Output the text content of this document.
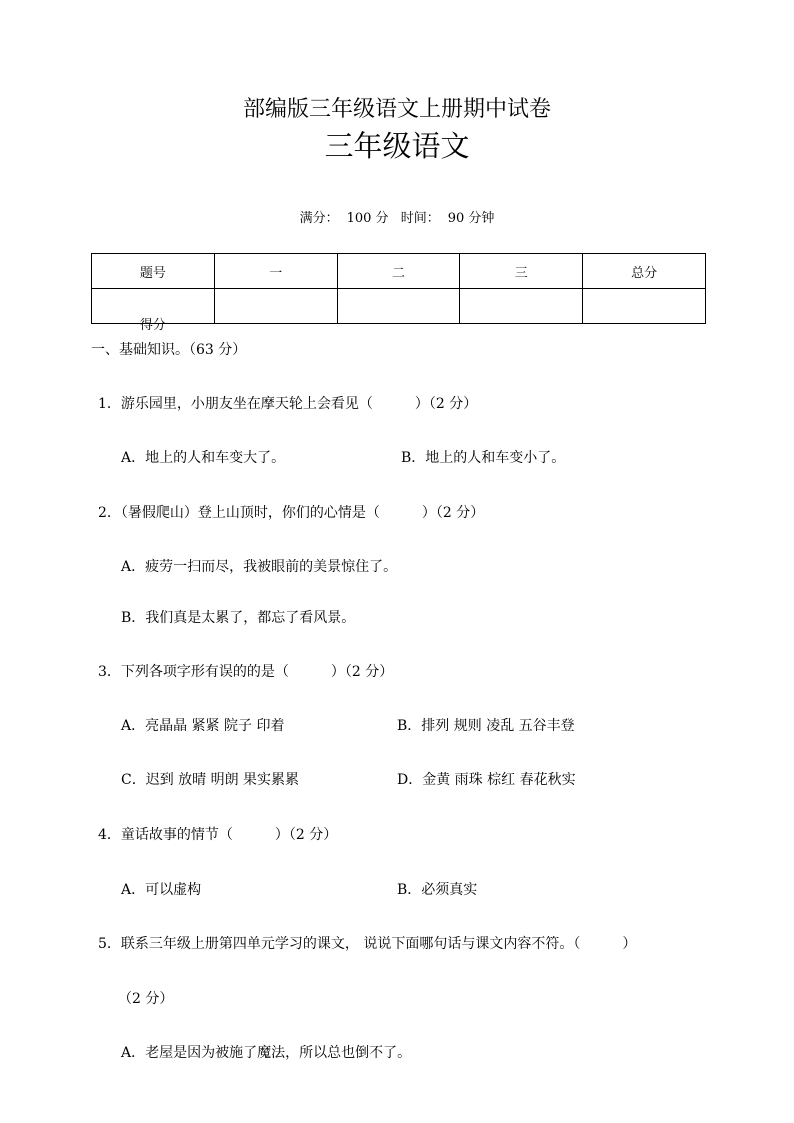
部编版三年级语文上册期中试卷
三年级语文
满分： 100 分 时间： 90 分钟
题号	一	二	三	总分

得分				

一、基础知识。（63 分）
1．游乐园里，小朋友坐在摩天轮上会看见（　　　）（2 分）
A．地上的人和车变大了。	B．地上的人和车变小了。
2．（暑假爬山）登上山顶时，你们的心情是（　　　）（2 分）
A．疲劳一扫而尽，我被眼前的美景惊住了。
B．我们真是太累了，都忘了看风景。
3．下列各项字形有误的的是（　　　）（2 分）
A．亮晶晶 紧紧 院子 印着	B．排列 规则 凌乱 五谷丰登
C．迟到 放晴 明朗 果实累累	D．金黄 雨珠 棕红 春花秋实
4．童话故事的情节（　　　）（2 分）
A．可以虚构	B．必须真实
5．联系三年级上册第四单元学习的课文， 说说下面哪句话与课文内容不符。（　　　）
（2 分）
A．老屋是因为被施了魔法，所以总也倒不了。
